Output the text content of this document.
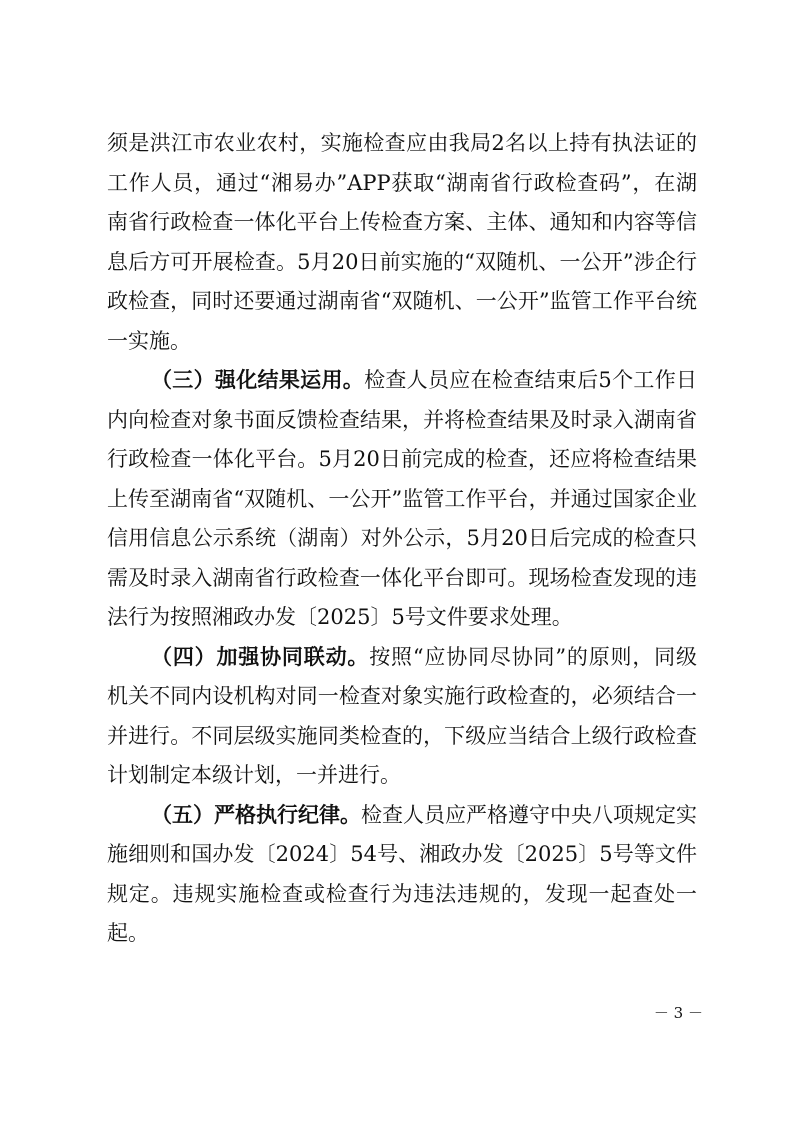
须是洪江市农业农村，实施检查应由我局2名以上持有执法证的工作人员，通过“湘易办”APP获取“湖南省行政检查码”，在湖南省行政检查一体化平台上传检查方案、主体、通知和内容等信息后方可开展检查。5月20日前实施的“双随机、一公开”涉企行政检查，同时还要通过湖南省“双随机、一公开”监管工作平台统一实施。

（三）强化结果运用。检查人员应在检查结束后5个工作日内向检查对象书面反馈检查结果，并将检查结果及时录入湖南省行政检查一体化平台。5月20日前完成的检查，还应将检查结果上传至湖南省“双随机、一公开”监管工作平台，并通过国家企业信用信息公示系统（湖南）对外公示，5月20日后完成的检查只需及时录入湖南省行政检查一体化平台即可。现场检查发现的违法行为按照湘政办发〔2025〕5号文件要求处理。

（四）加强协同联动。按照“应协同尽协同”的原则，同级机关不同内设机构对同一检查对象实施行政检查的，必须结合一并进行。不同层级实施同类检查的，下级应当结合上级行政检查计划制定本级计划，一并进行。

（五）严格执行纪律。检查人员应严格遵守中央八项规定实施细则和国办发〔2024〕54号、湘政办发〔2025〕5号等文件规定。违规实施检查或检查行为违法违规的，发现一起查处一起。

－ 3 －
